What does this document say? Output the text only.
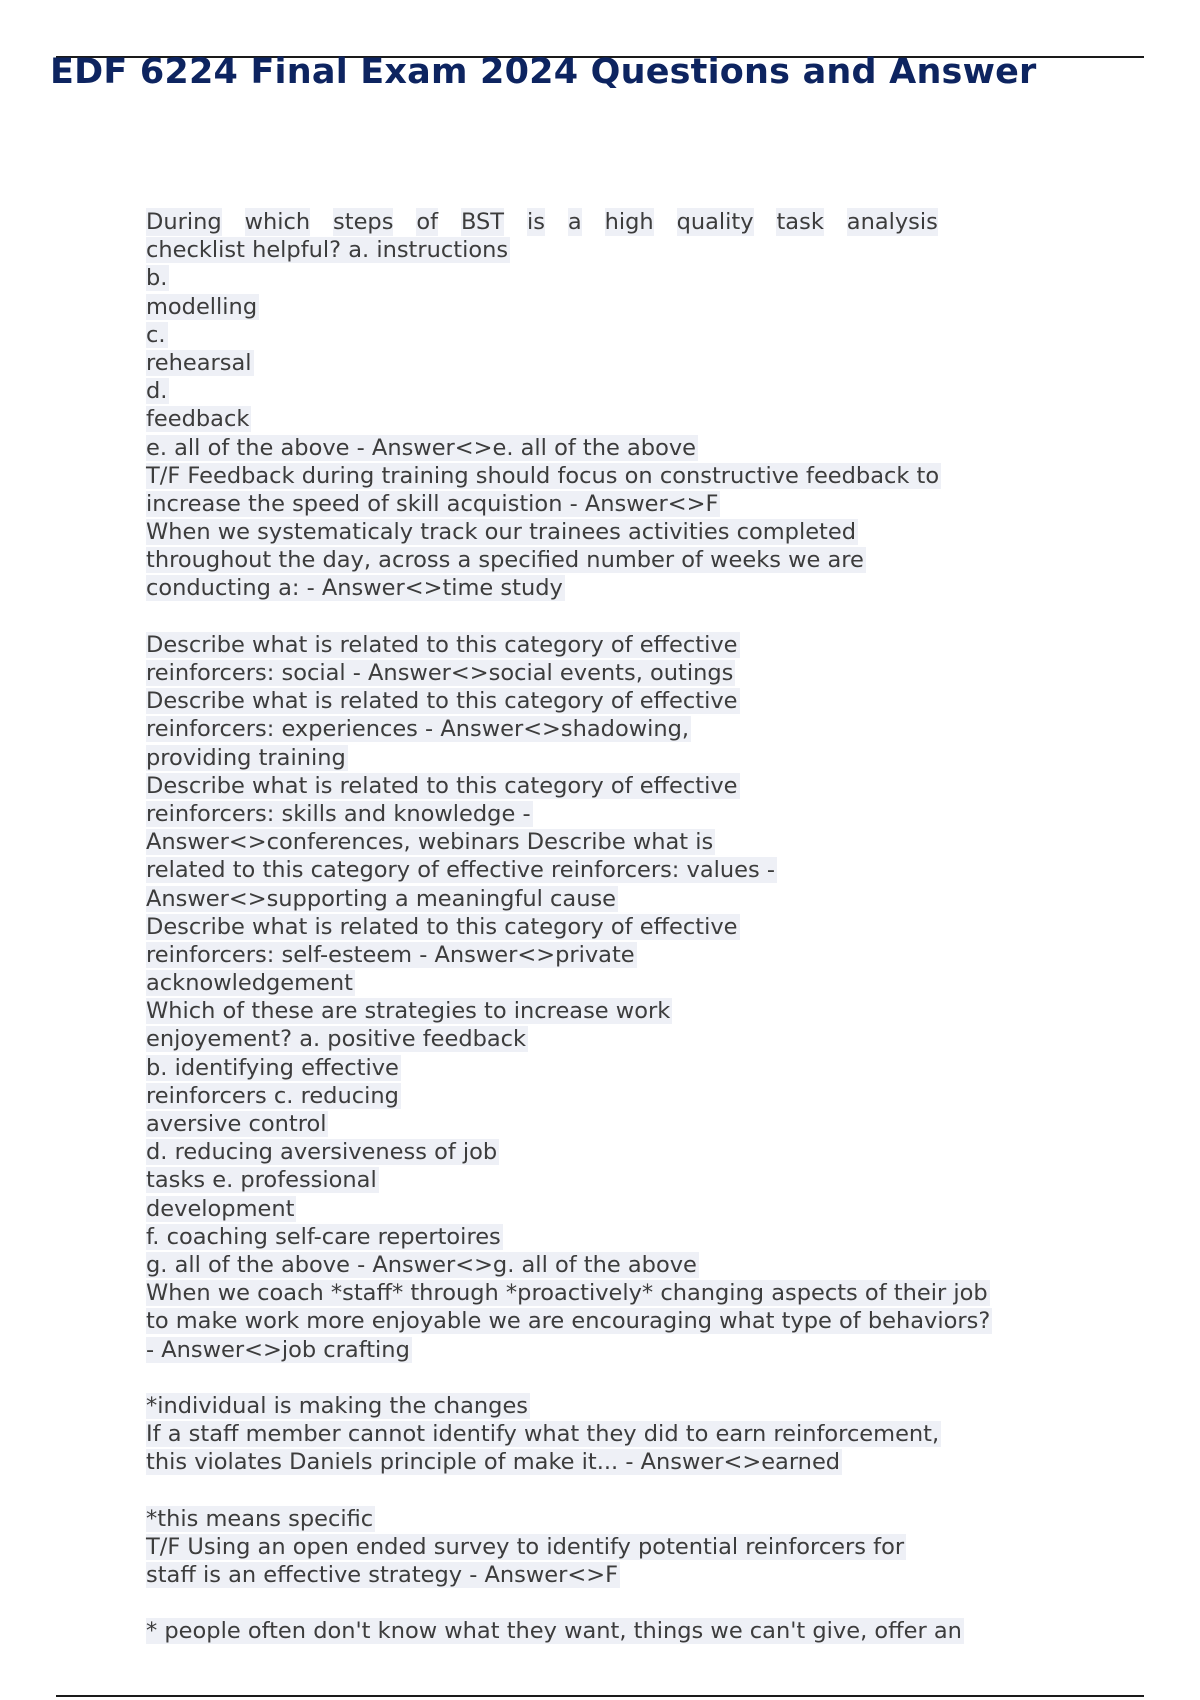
EDF 6224 Final Exam 2024 Questions and Answer
During which steps of BST is a high quality task analysis
checklist helpful? a. instructions
b.
modelling
c.
rehearsal
d.
feedback
e. all of the above - Answer<>e. all of the above
T/F Feedback during training should focus on constructive feedback to
increase the speed of skill acquistion - Answer<>F
When we systematicaly track our trainees activities completed
throughout the day, across a specified number of weeks we are
conducting a: - Answer<>time study
Describe what is related to this category of effective
reinforcers: social - Answer<>social events, outings
Describe what is related to this category of effective
reinforcers: experiences - Answer<>shadowing,
providing training
Describe what is related to this category of effective
reinforcers: skills and knowledge -
Answer<>conferences, webinars Describe what is
related to this category of effective reinforcers: values -
Answer<>supporting a meaningful cause
Describe what is related to this category of effective
reinforcers: self-esteem - Answer<>private
acknowledgement
Which of these are strategies to increase work
enjoyement? a. positive feedback
b. identifying effective
reinforcers c. reducing
aversive control
d. reducing aversiveness of job
tasks e. professional
development
f. coaching self-care repertoires
g. all of the above - Answer<>g. all of the above
When we coach *staff* through *proactively* changing aspects of their job
to make work more enjoyable we are encouraging what type of behaviors?
- Answer<>job crafting
*individual is making the changes
If a staff member cannot identify what they did to earn reinforcement,
this violates Daniels principle of make it... - Answer<>earned
*this means specific
T/F Using an open ended survey to identify potential reinforcers for
staff is an effective strategy - Answer<>F
* people often don't know what they want, things we can't give, offer an
